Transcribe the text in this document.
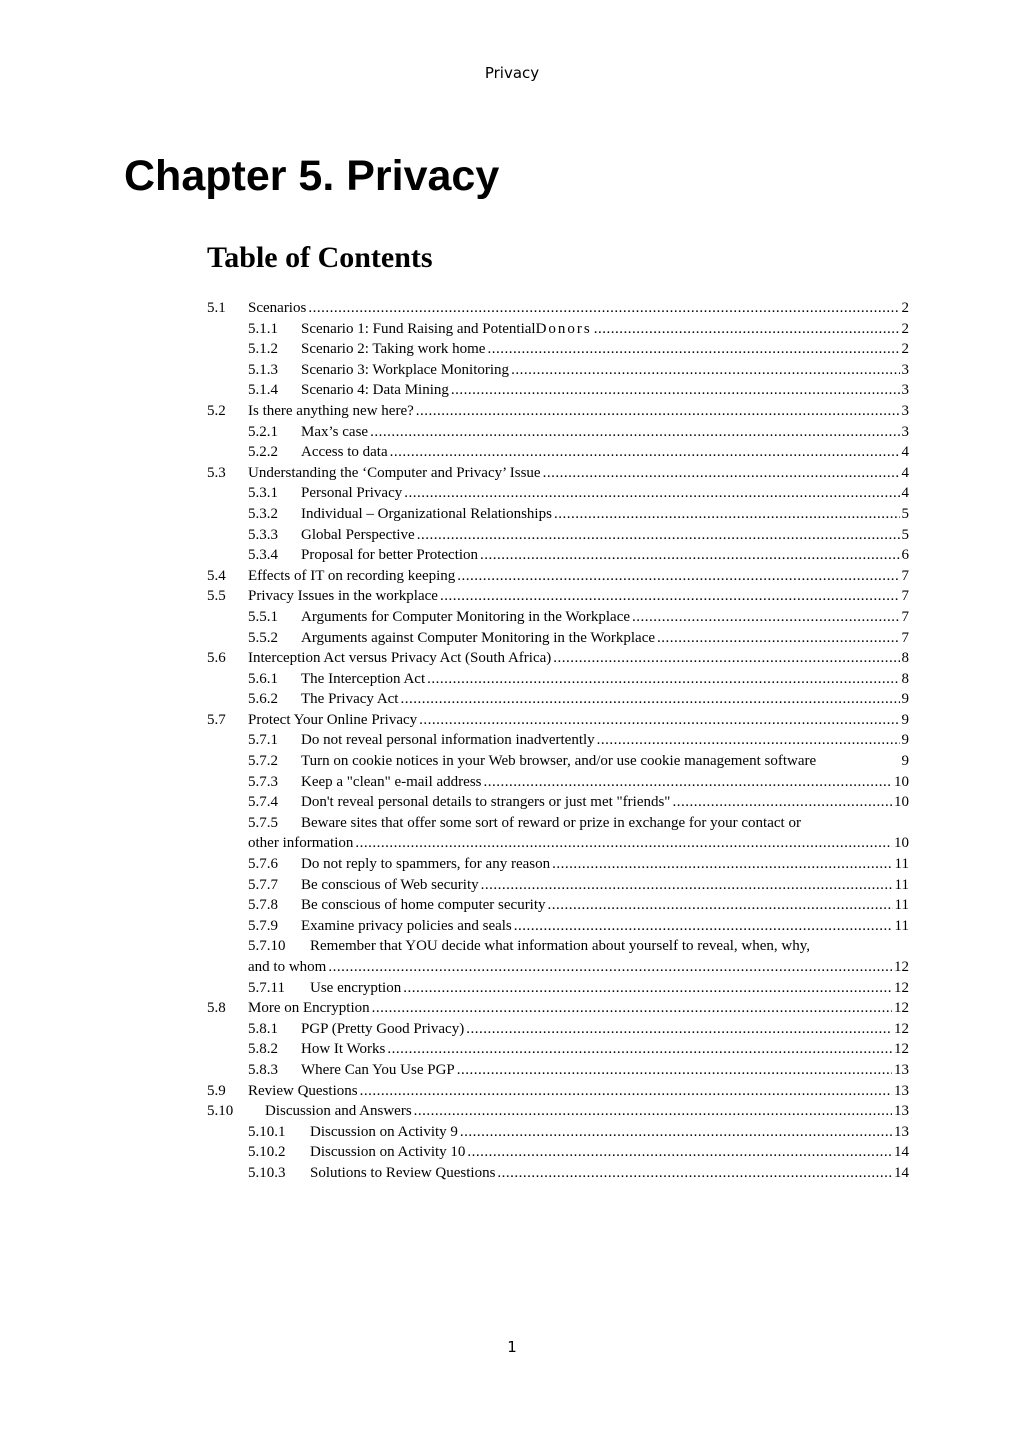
Privacy
Chapter 5. Privacy
Table of Contents
5.1	Scenarios .....	2
5.1.1	Scenario 1: Fund Raising and Potential Donors .....	2
5.1.2	Scenario 2: Taking work home .....	2
5.1.3	Scenario 3: Workplace Monitoring .....	3
5.1.4	Scenario 4: Data Mining .....	3
5.2	Is there anything new here? .....	3
5.2.1	Max’s case .....	3
5.2.2	Access to data .....	4
5.3	Understanding the ‘Computer and Privacy’ Issue .....	4
5.3.1	Personal Privacy .....	4
5.3.2	Individual – Organizational Relationships .....	5
5.3.3	Global Perspective .....	5
5.3.4	Proposal for better Protection .....	6
5.4	Effects of IT on recording keeping .....	7
5.5	Privacy Issues in the workplace .....	7
5.5.1	Arguments for Computer Monitoring in the Workplace .....	7
5.5.2	Arguments against Computer Monitoring in the Workplace .....	7
5.6	Interception Act versus Privacy Act (South Africa) .....	8
5.6.1	The Interception Act .....	8
5.6.2	The Privacy Act .....	9
5.7	Protect Your Online Privacy .....	9
5.7.1	Do not reveal personal information inadvertently .....	9
5.7.2	Turn on cookie notices in your Web browser, and/or use cookie management software	9
5.7.3	Keep a "clean" e-mail address .....	10
5.7.4	Don't reveal personal details to strangers or just met "friends" .....	10
5.7.5 Beware sites that offer some sort of reward or prize in exchange for your contact or
other information .....	10
5.7.6	Do not reply to spammers, for any reason .....	11
5.7.7	Be conscious of Web security .....	11
5.7.8	Be conscious of home computer security .....	11
5.7.9	Examine privacy policies and seals .....	11
5.7.10 Remember that YOU decide what information about yourself to reveal, when, why,
and to whom .....	12
5.7.11	Use encryption .....	12
5.8	More on Encryption .....	12
5.8.1	PGP (Pretty Good Privacy) .....	12
5.8.2	How It Works .....	12
5.8.3	Where Can You Use PGP .....	13
5.9	Review Questions .....	13
5.10	Discussion and Answers .....	13
5.10.1	Discussion on Activity 9 .....	13
5.10.2	Discussion on Activity 10 .....	14
5.10.3	Solutions to Review Questions .....	14
1
